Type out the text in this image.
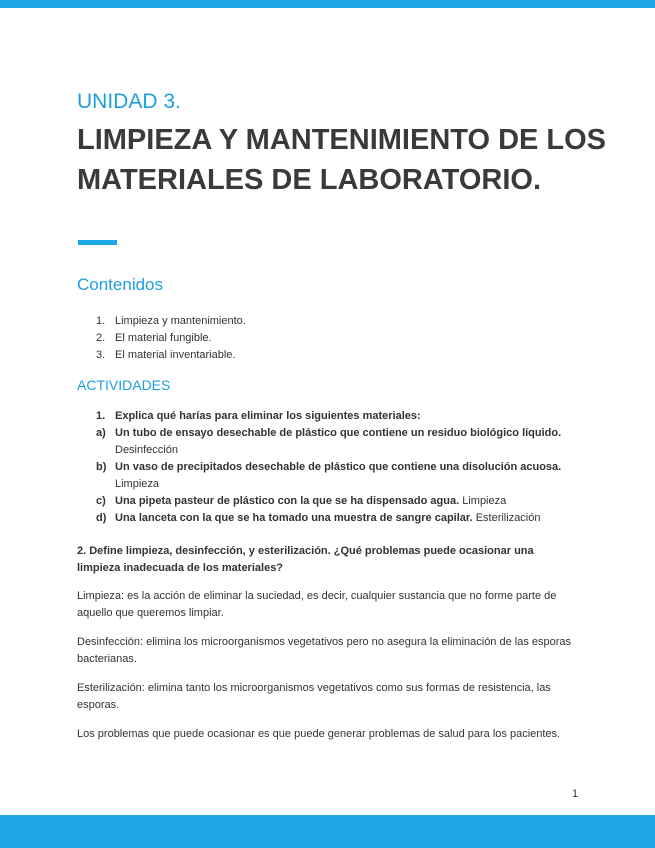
UNIDAD 3.
LIMPIEZA Y MANTENIMIENTO DE LOS MATERIALES DE LABORATORIO.
Contenidos
1. Limpieza y mantenimiento.
2. El material fungible.
3. El material inventariable.
ACTIVIDADES
1. Explica qué harías para eliminar los siguientes materiales:
a) Un tubo de ensayo desechable de plástico que contiene un residuo biológico líquido.
Desinfección
b) Un vaso de precipitados desechable de plástico que contiene una disolución acuosa.
Limpieza
c) Una pipeta pasteur de plástico con la que se ha dispensado agua. Limpieza
d) Una lanceta con la que se ha tomado una muestra de sangre capilar. Esterilización
2. Define limpieza, desinfección, y esterilización. ¿Qué problemas puede ocasionar una limpieza inadecuada de los materiales?
Limpieza: es la acción de eliminar la suciedad, es decir, cualquier sustancia que no forme parte de aquello que queremos limpiar.
Desinfección: elimina los microorganismos vegetativos pero no asegura la eliminación de las esporas bacterianas.
Esterilización: elimina tanto los microorganismos vegetativos como sus formas de resistencia, las esporas.
Los problemas que puede ocasionar es que puede generar problemas de salud para los pacientes.
1
